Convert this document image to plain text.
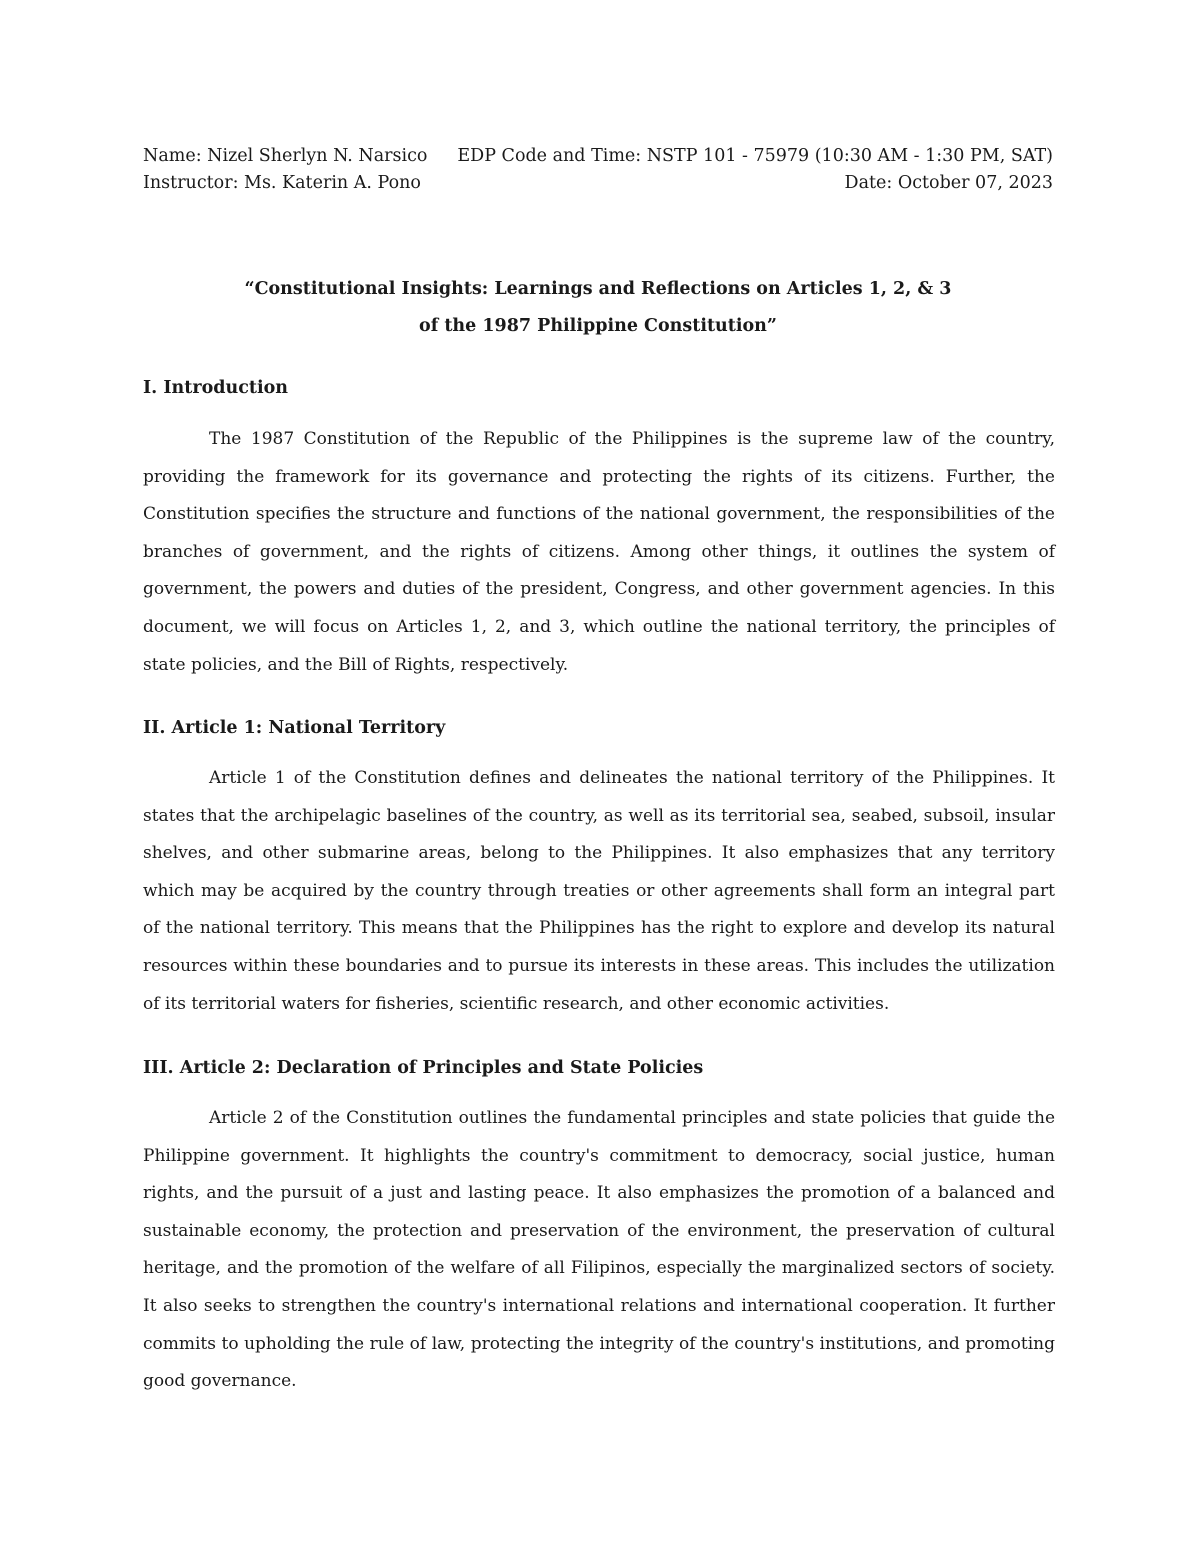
Name: Nizel Sherlyn N. Narsico EDP Code and Time: NSTP 101 - 75979 (10:30 AM - 1:30 PM, SAT)
Instructor: Ms. Katerin A. Pono	Date: October 07, 2023
“Constitutional Insights: Learnings and Reflections on Articles 1, 2, & 3
of the 1987 Philippine Constitution”
I. Introduction

The 1987 Constitution of the Republic of the Philippines is the supreme law of the country, providing the framework for its governance and protecting the rights of its citizens. Further, the Constitution specifies the structure and functions of the national government, the responsibilities of the branches of government, and the rights of citizens. Among other things, it outlines the system of government, the powers and duties of the president, Congress, and other government agencies. In this document, we will focus on Articles 1, 2, and 3, which outline the national territory, the principles of state policies, and the Bill of Rights, respectively.

II. Article 1: National Territory

Article 1 of the Constitution defines and delineates the national territory of the Philippines. It states that the archipelagic baselines of the country, as well as its territorial sea, seabed, subsoil, insular shelves, and other submarine areas, belong to the Philippines. It also emphasizes that any territory which may be acquired by the country through treaties or other agreements shall form an integral part of the national territory. This means that the Philippines has the right to explore and develop its natural resources within these boundaries and to pursue its interests in these areas. This includes the utilization of its territorial waters for fisheries, scientific research, and other economic activities.

III. Article 2: Declaration of Principles and State Policies

Article 2 of the Constitution outlines the fundamental principles and state policies that guide the Philippine government. It highlights the country's commitment to democracy, social justice, human rights, and the pursuit of a just and lasting peace. It also emphasizes the promotion of a balanced and sustainable economy, the protection and preservation of the environment, the preservation of cultural heritage, and the promotion of the welfare of all Filipinos, especially the marginalized sectors of society. It also seeks to strengthen the country's international relations and international cooperation. It further commits to upholding the rule of law, protecting the integrity of the country's institutions, and promoting good governance.
